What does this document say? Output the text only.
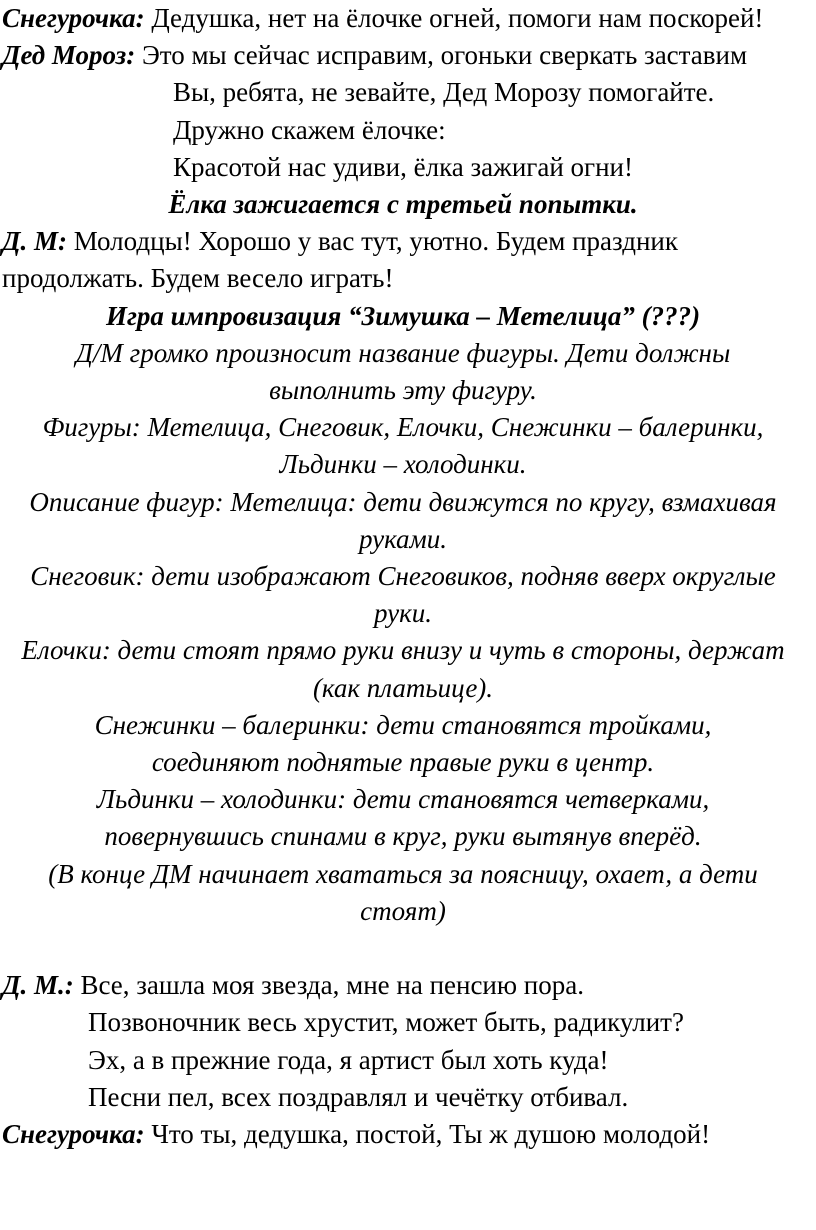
Снегурочка: Дедушка, нет на ёлочке огней, помоги нам поскорей!

Дед Мороз: Это мы сейчас исправим, огоньки сверкать заставим

Вы, ребята, не зевайте, Дед Морозу помогайте.

Дружно скажем ёлочке:

Красотой нас удиви, ёлка зажигай огни!

Ёлка зажигается с третьей попытки.

Д. М: Молодцы! Хорошо у вас тут, уютно. Будем праздник продолжать. Будем весело играть!

Игра импровизация “Зимушка – Метелица” (???)

Д/М громко произносит название фигуры. Дети должны выполнить эту фигуру.

Фигуры: Метелица, Снеговик, Елочки, Снежинки – балеринки, Льдинки – холодинки.

Описание фигур: Метелица: дети движутся по кругу, взмахивая руками.

Снеговик: дети изображают Снеговиков, подняв вверх округлые руки.

Елочки: дети стоят прямо руки внизу и чуть в стороны, держат (как платьице).

Снежинки – балеринки: дети становятся тройками, соединяют поднятые правые руки в центр.

Льдинки – холодинки: дети становятся четверками, повернувшись спинами в круг, руки вытянув вперёд.

(В конце ДМ начинает хвататься за поясницу, охает, а дети стоят)

Д. М.: Все, зашла моя звезда, мне на пенсию пора.

Позвоночник весь хрустит, может быть, радикулит?

Эх, а в прежние года, я артист был хоть куда!

Песни пел, всех поздравлял и чечётку отбивал.

Снегурочка: Что ты, дедушка, постой, Ты ж душою молодой!
